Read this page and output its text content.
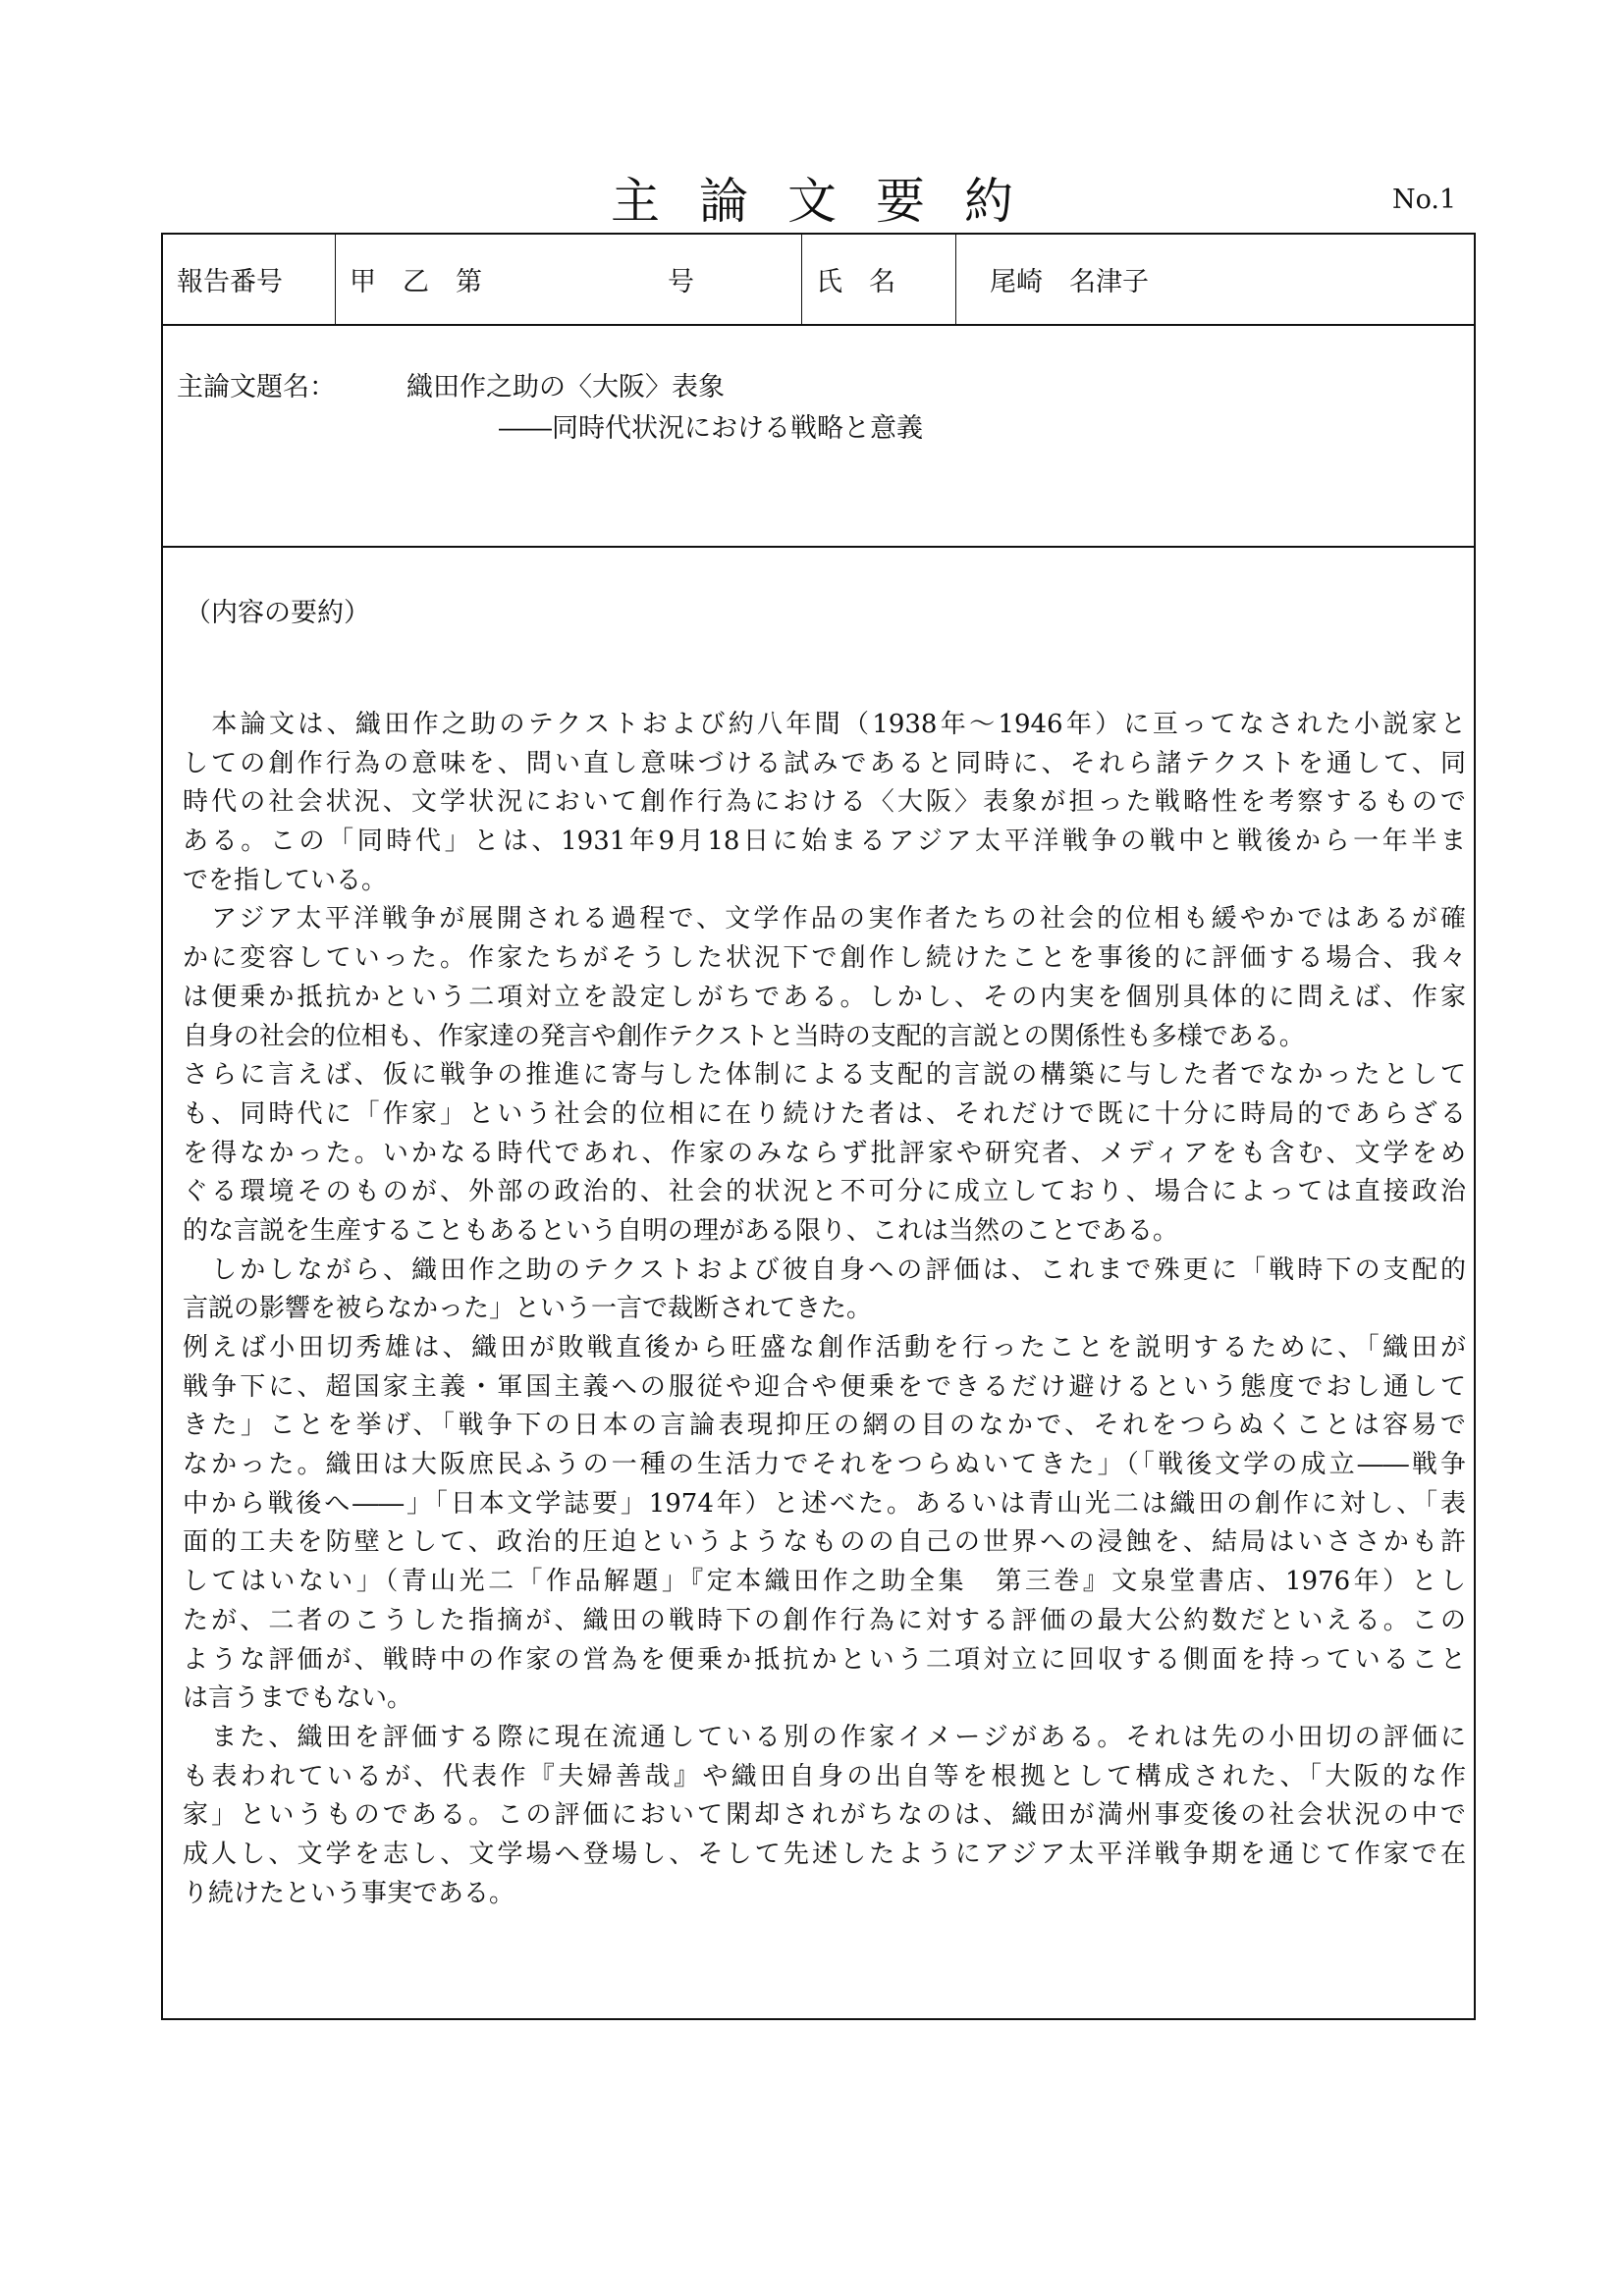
主論文要約	No.1
報告番号	甲　乙　第　　　　　　　号	氏　名	尾崎　名津子
主論文題名：	織田作之助の〈大阪〉表象
――同時代状況における戦略と意義
（内容の要約）
　本論文は、織田作之助のテクストおよび約八年間（1938年～1946年）に亘ってなされた小説家と
しての創作行為の意味を、問い直し意味づける試みであると同時に、それら諸テクストを通して、同
時代の社会状況、文学状況において創作行為における〈大阪〉表象が担った戦略性を考察するもので
ある。この「同時代」とは、1931年9月18日に始まるアジア太平洋戦争の戦中と戦後から一年半ま
でを指している。
　アジア太平洋戦争が展開される過程で、文学作品の実作者たちの社会的位相も緩やかではあるが確
かに変容していった。作家たちがそうした状況下で創作し続けたことを事後的に評価する場合、我々
は便乗か抵抗かという二項対立を設定しがちである。しかし、その内実を個別具体的に問えば、作家
自身の社会的位相も、作家達の発言や創作テクストと当時の支配的言説との関係性も多様である。
さらに言えば、仮に戦争の推進に寄与した体制による支配的言説の構築に与した者でなかったとして
も、同時代に「作家」という社会的位相に在り続けた者は、それだけで既に十分に時局的であらざる
を得なかった。いかなる時代であれ、作家のみならず批評家や研究者、メディアをも含む、文学をめ
ぐる環境そのものが、外部の政治的、社会的状況と不可分に成立しており、場合によっては直接政治
的な言説を生産することもあるという自明の理がある限り、これは当然のことである。
　しかしながら、織田作之助のテクストおよび彼自身への評価は、これまで殊更に「戦時下の支配的
言説の影響を被らなかった」という一言で裁断されてきた。
例えば小田切秀雄は、織田が敗戦直後から旺盛な創作活動を行ったことを説明するために、「織田が
戦争下に、超国家主義・軍国主義への服従や迎合や便乗をできるだけ避けるという態度でおし通して
きた」ことを挙げ、「戦争下の日本の言論表現抑圧の網の目のなかで、それをつらぬくことは容易で
なかった。織田は大阪庶民ふうの一種の生活力でそれをつらぬいてきた」（「戦後文学の成立――戦争
中から戦後へ――」「日本文学誌要」1974年）と述べた。あるいは青山光二は織田の創作に対し、「表
面的工夫を防壁として、政治的圧迫というようなものの自己の世界への浸蝕を、結局はいささかも許
してはいない」（青山光二「作品解題」『定本織田作之助全集　第三巻』文泉堂書店、1976年）とし
たが、二者のこうした指摘が、織田の戦時下の創作行為に対する評価の最大公約数だといえる。この
ような評価が、戦時中の作家の営為を便乗か抵抗かという二項対立に回収する側面を持っていること
は言うまでもない。
　また、織田を評価する際に現在流通している別の作家イメージがある。それは先の小田切の評価に
も表われているが、代表作『夫婦善哉』や織田自身の出自等を根拠として構成された、「大阪的な作
家」というものである。この評価において閑却されがちなのは、織田が満州事変後の社会状況の中で
成人し、文学を志し、文学場へ登場し、そして先述したようにアジア太平洋戦争期を通じて作家で在
り続けたという事実である。
